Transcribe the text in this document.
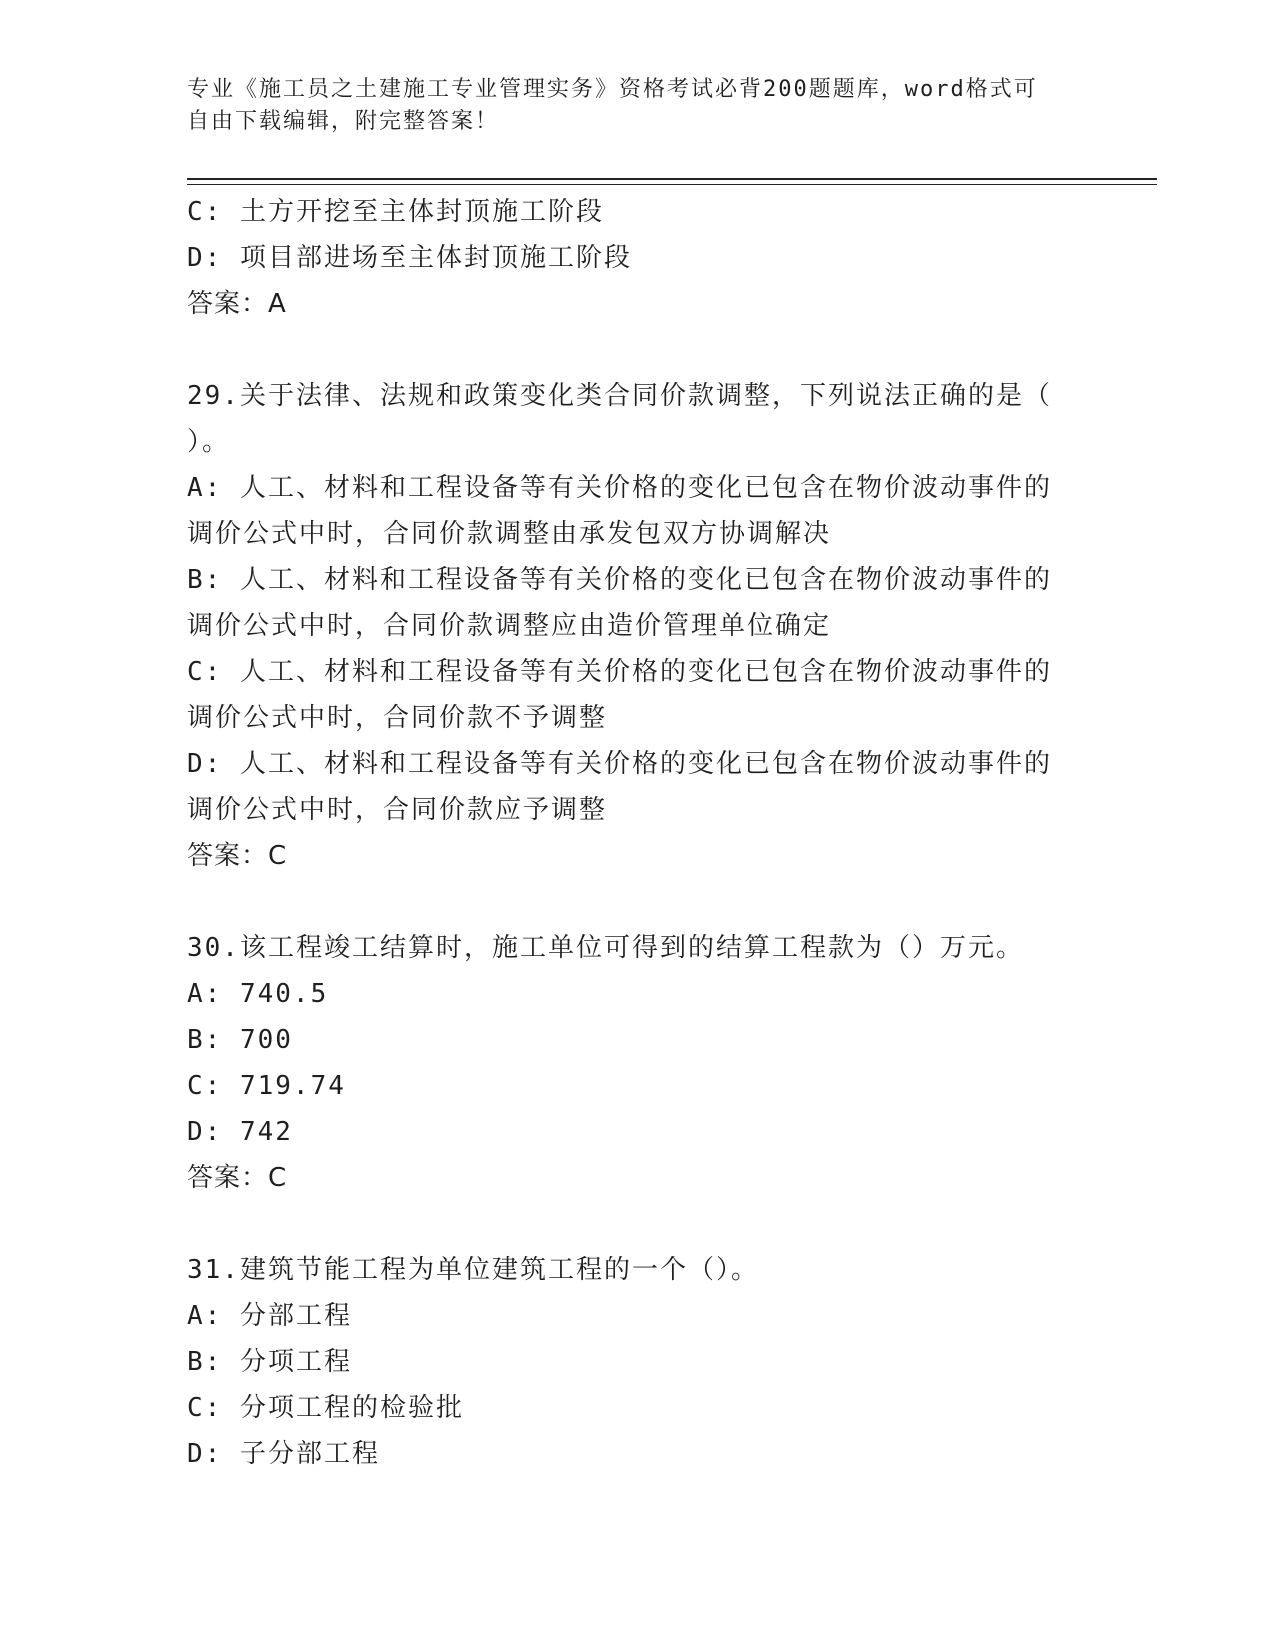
专业《施工员之土建施工专业管理实务》资格考试必背200题题库，word格式可
自由下载编辑，附完整答案！
C: 土方开挖至主体封顶施工阶段
D: 项目部进场至主体封顶施工阶段
答案：A
29.关于法律、法规和政策变化类合同价款调整，下列说法正确的是（
）。
A: 人工、材料和工程设备等有关价格的变化已包含在物价波动事件的
调价公式中时，合同价款调整由承发包双方协调解决
B: 人工、材料和工程设备等有关价格的变化已包含在物价波动事件的
调价公式中时，合同价款调整应由造价管理单位确定
C: 人工、材料和工程设备等有关价格的变化已包含在物价波动事件的
调价公式中时，合同价款不予调整
D: 人工、材料和工程设备等有关价格的变化已包含在物价波动事件的
调价公式中时，合同价款应予调整
答案：C
30.该工程竣工结算时，施工单位可得到的结算工程款为（）万元。
A: 740.5
B: 700
C: 719.74
D: 742
答案：C
31.建筑节能工程为单位建筑工程的一个（）。
A: 分部工程
B: 分项工程
C: 分项工程的检验批
D: 子分部工程
